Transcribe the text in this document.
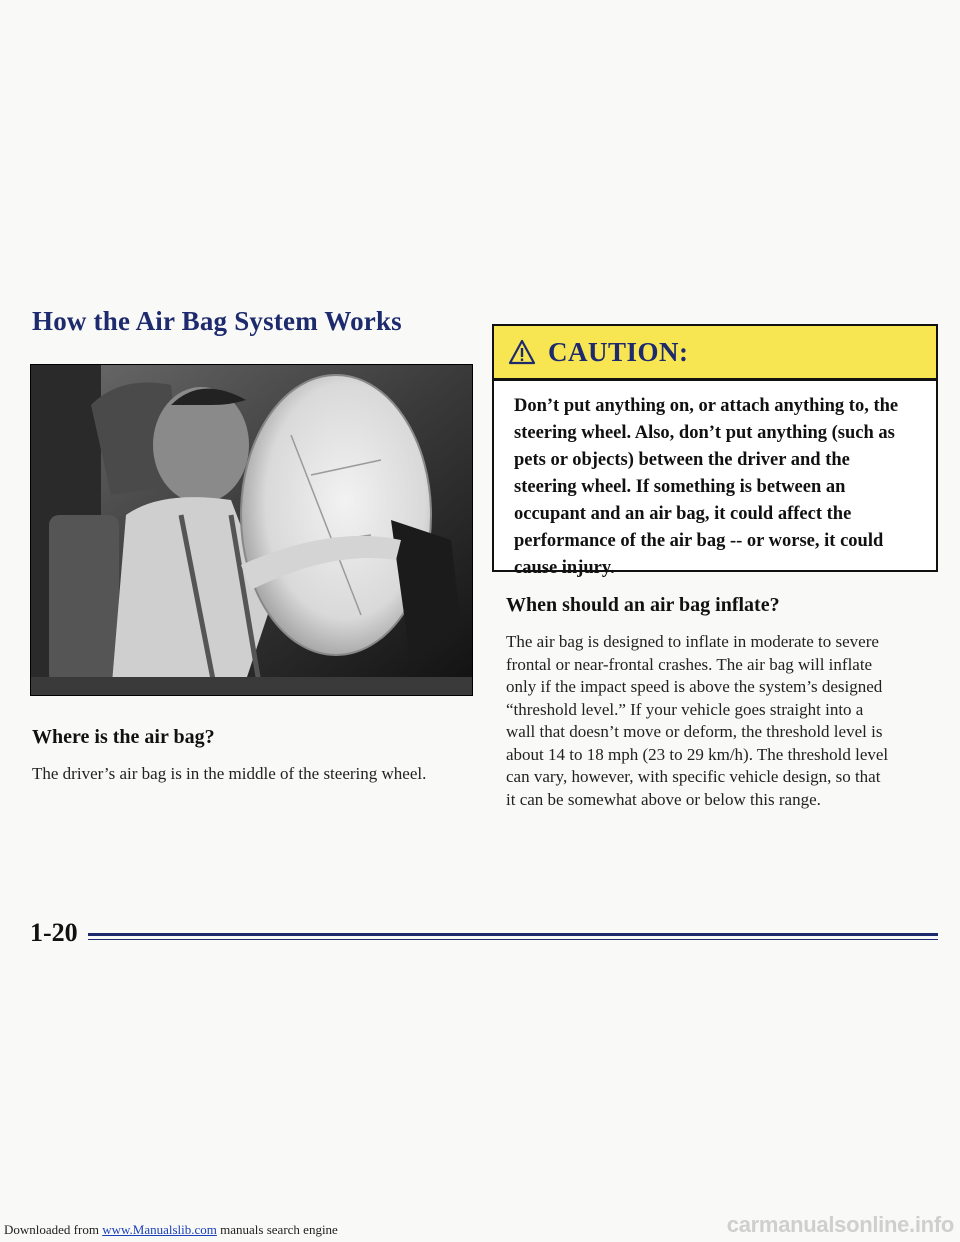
How the Air Bag System Works
Where is the air bag?
The driver’s air bag is in the middle of the steering wheel.
CAUTION:
Don’t put anything on, or attach anything to, the
steering wheel. Also, don’t put anything (such as
pets or objects) between the driver and the
steering wheel. If something is between an
occupant and an air bag, it could affect the
performance of the air bag -- or worse, it could
cause injury.
When should an air bag inflate?
The air bag is designed to inflate in moderate to severe
frontal or near-frontal crashes. The air bag will inflate
only if the impact speed is above the system’s designed
“threshold level.” If your vehicle goes straight into a
wall that doesn’t move or deform, the threshold level is
about 14 to 18 mph (23 to 29 km/h). The threshold level
can vary, however, with specific vehicle design, so that
it can be somewhat above or below this range.
1-20
Downloaded from www.Manualslib.com manuals search engine	carmanualsonline.info
